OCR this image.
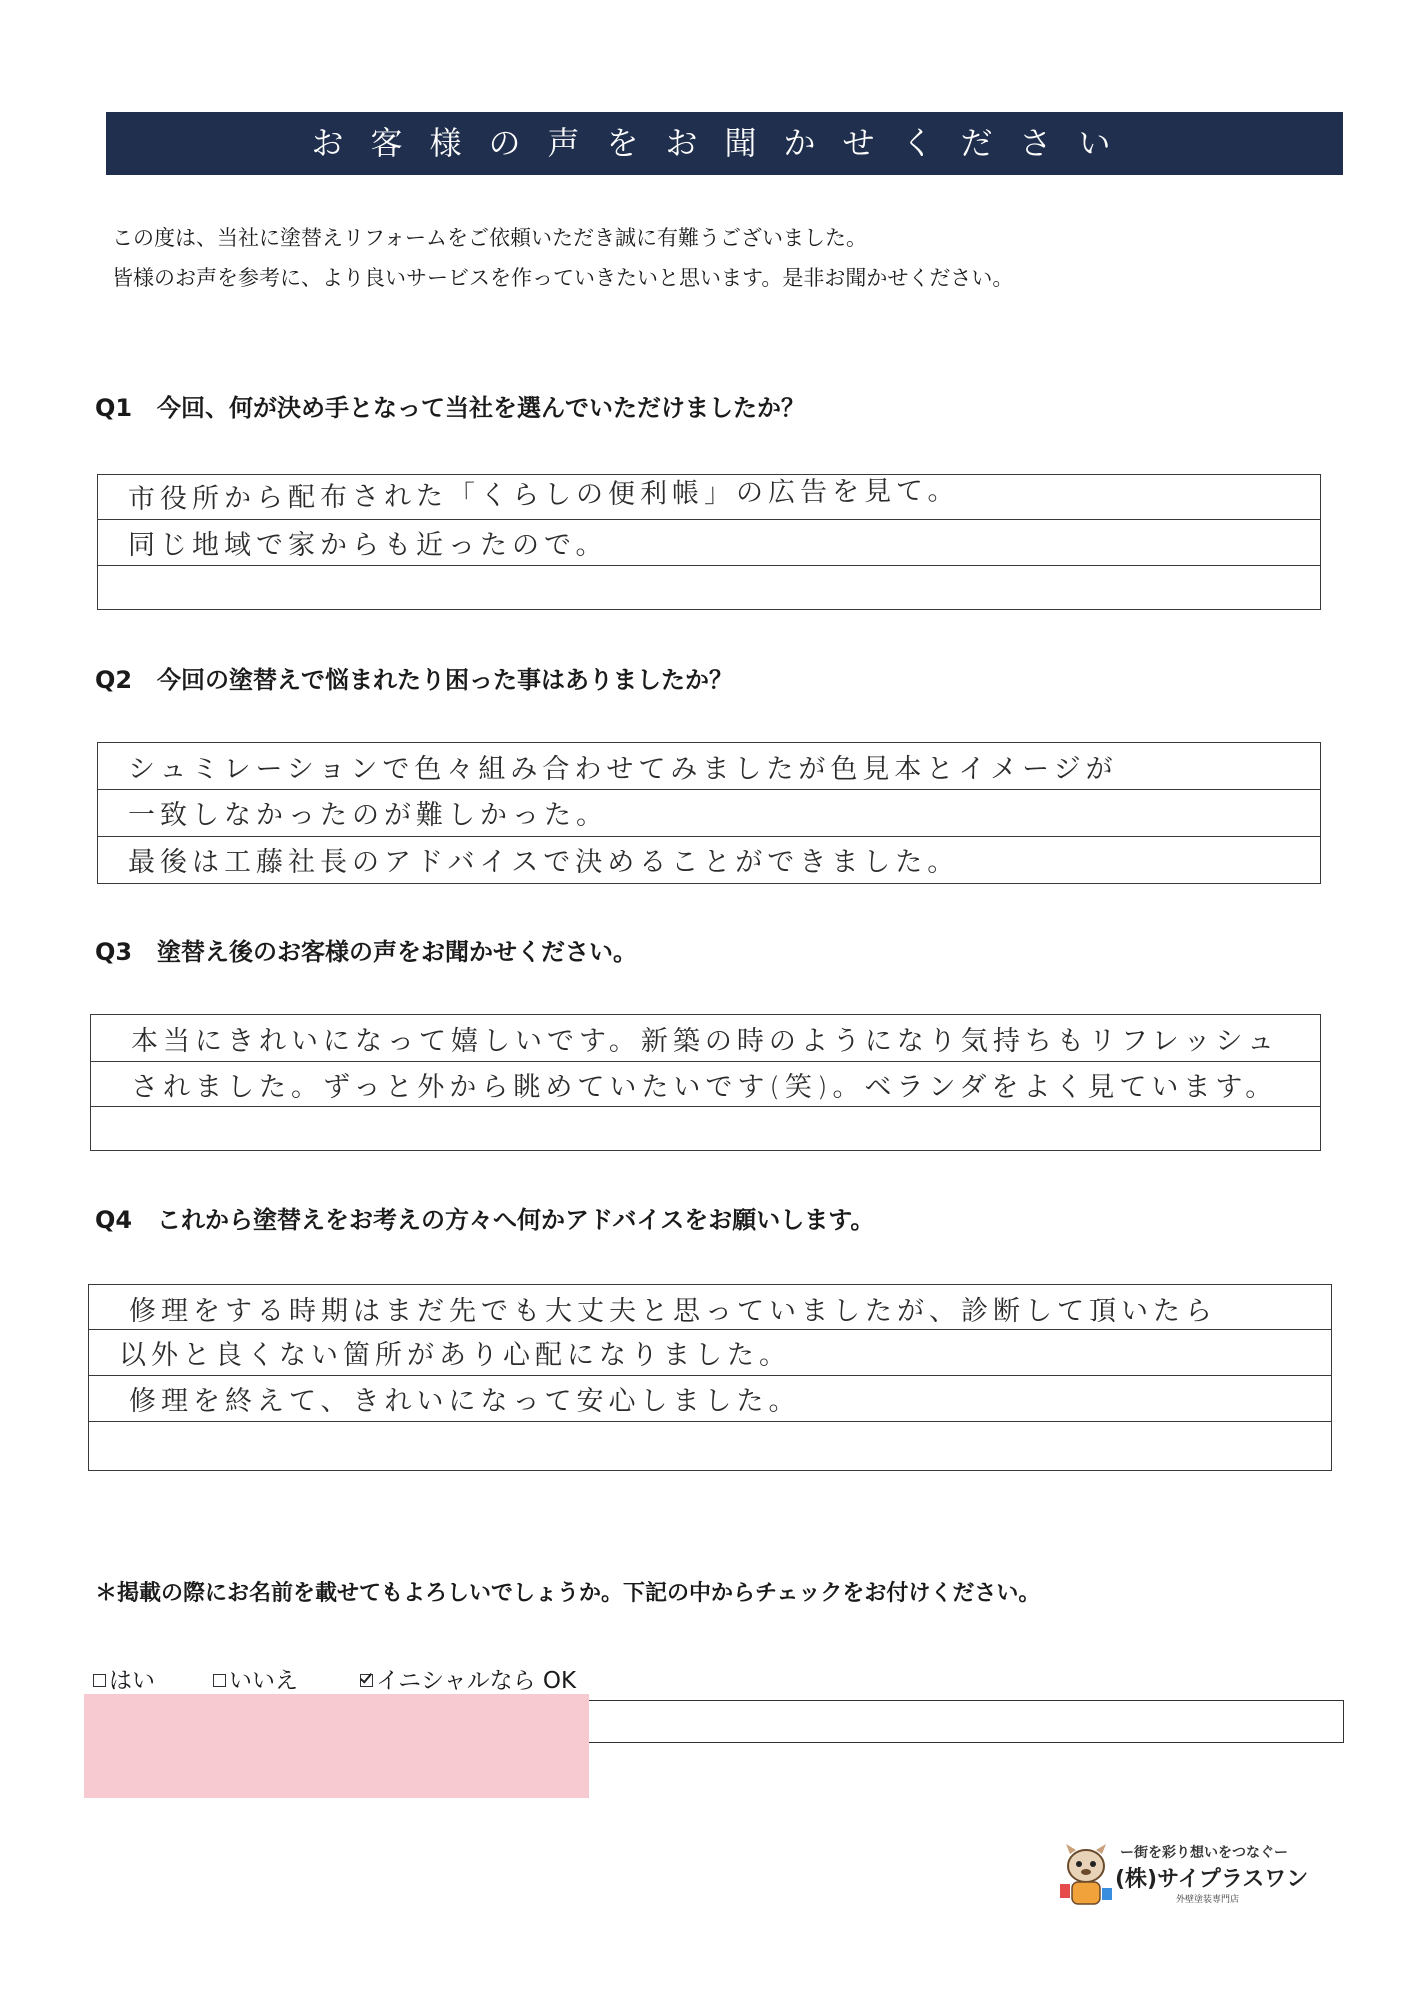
お客様の声をお聞かせください
この度は、当社に塗替えリフォームをご依頼いただき誠に有難うございました。
皆様のお声を参考に、より良いサービスを作っていきたいと思います。是非お聞かせください。
Q1 今回、何が決め手となって当社を選んでいただけましたか？
市役所から配布された「くらしの便利帳」の広告を見て。
同じ地域で家からも近ったので。
Q2 今回の塗替えで悩まれたり困った事はありましたか？
シュミレーションで色々組み合わせてみましたが色見本とイメージが
一致しなかったのが難しかった。
最後は工藤社長のアドバイスで決めることができました。
Q3 塗替え後のお客様の声をお聞かせください。
本当にきれいになって嬉しいです。新築の時のようになり気持ちもリフレッシュ
されました。ずっと外から眺めていたいです(笑)。ベランダをよく見ています。
Q4 これから塗替えをお考えの方々へ何かアドバイスをお願いします。
修理をする時期はまだ先でも大丈夫と思っていましたが、診断して頂いたら
以外と良くない箇所があり心配になりました。
修理を終えて、きれいになって安心しました。
＊掲載の際にお名前を載せてもよろしいでしょうか。下記の中からチェックをお付けください。
はい	いいえ	イニシャルなら OK
ー街を彩り想いをつなぐー
(株)サイプラスワン
外壁塗装専門店
